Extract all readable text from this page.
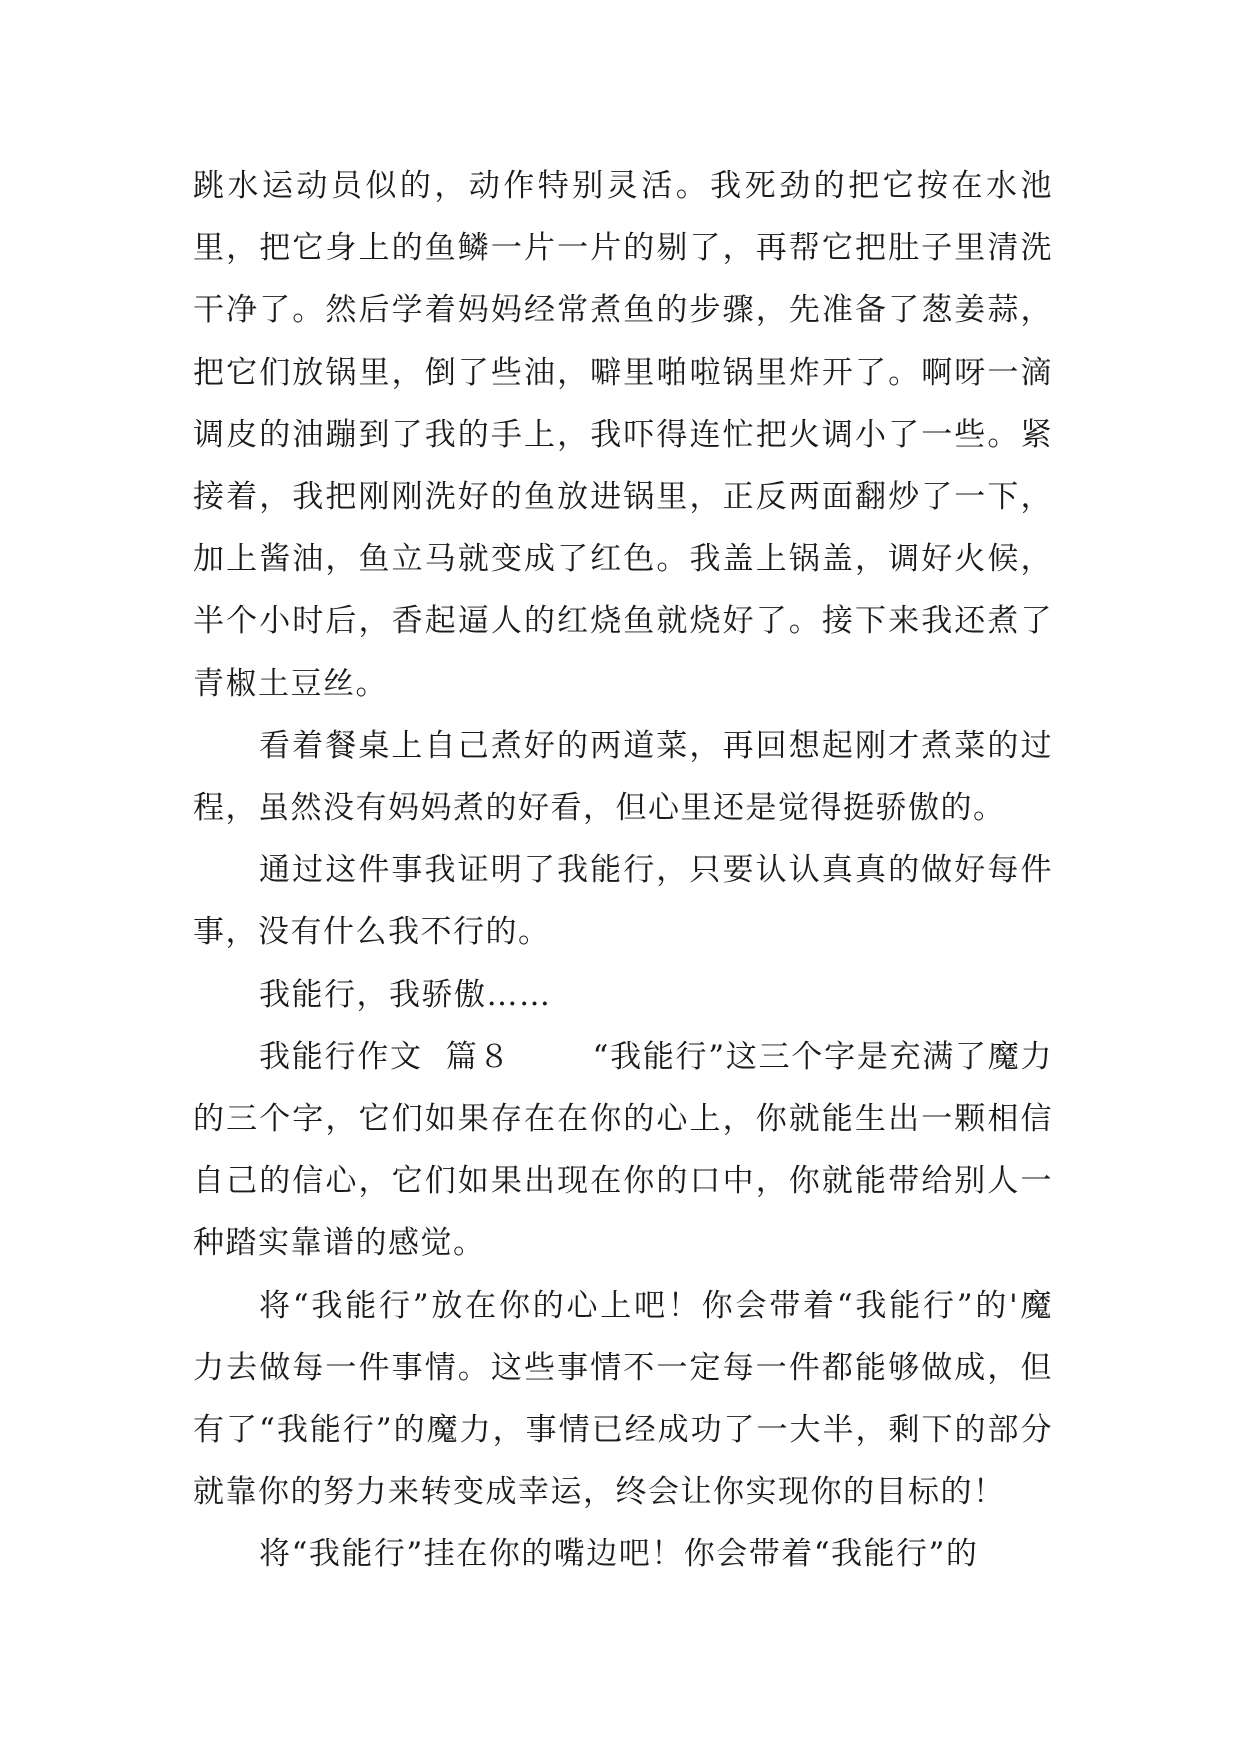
跳水运动员似的，动作特别灵活。我死劲的把它按在水池里，把它身上的鱼鳞一片一片的剔了，再帮它把肚子里清洗干净了。然后学着妈妈经常煮鱼的步骤，先准备了葱姜蒜，把它们放锅里，倒了些油，噼里啪啦锅里炸开了。啊呀一滴调皮的油蹦到了我的手上，我吓得连忙把火调小了一些。紧接着，我把刚刚洗好的鱼放进锅里，正反两面翻炒了一下，加上酱油，鱼立马就变成了红色。我盖上锅盖，调好火候，半个小时后，香起逼人的红烧鱼就烧好了。接下来我还煮了青椒土豆丝。

看着餐桌上自己煮好的两道菜，再回想起刚才煮菜的过程，虽然没有妈妈煮的好看，但心里还是觉得挺骄傲的。

通过这件事我证明了我能行，只要认认真真的做好每件事，没有什么我不行的。

我能行，我骄傲……

我能行作文 篇８	“我能行”这三个字是充满了魔力的三个字，它们如果存在在你的心上，你就能生出一颗相信自己的信心，它们如果出现在你的口中，你就能带给别人一种踏实靠谱的感觉。

将“我能行”放在你的心上吧！你会带着“我能行”的'魔力去做每一件事情。这些事情不一定每一件都能够做成，但有了“我能行”的魔力，事情已经成功了一大半，剩下的部分就靠你的努力来转变成幸运，终会让你实现你的目标的！

将“我能行”挂在你的嘴边吧！你会带着“我能行”的
